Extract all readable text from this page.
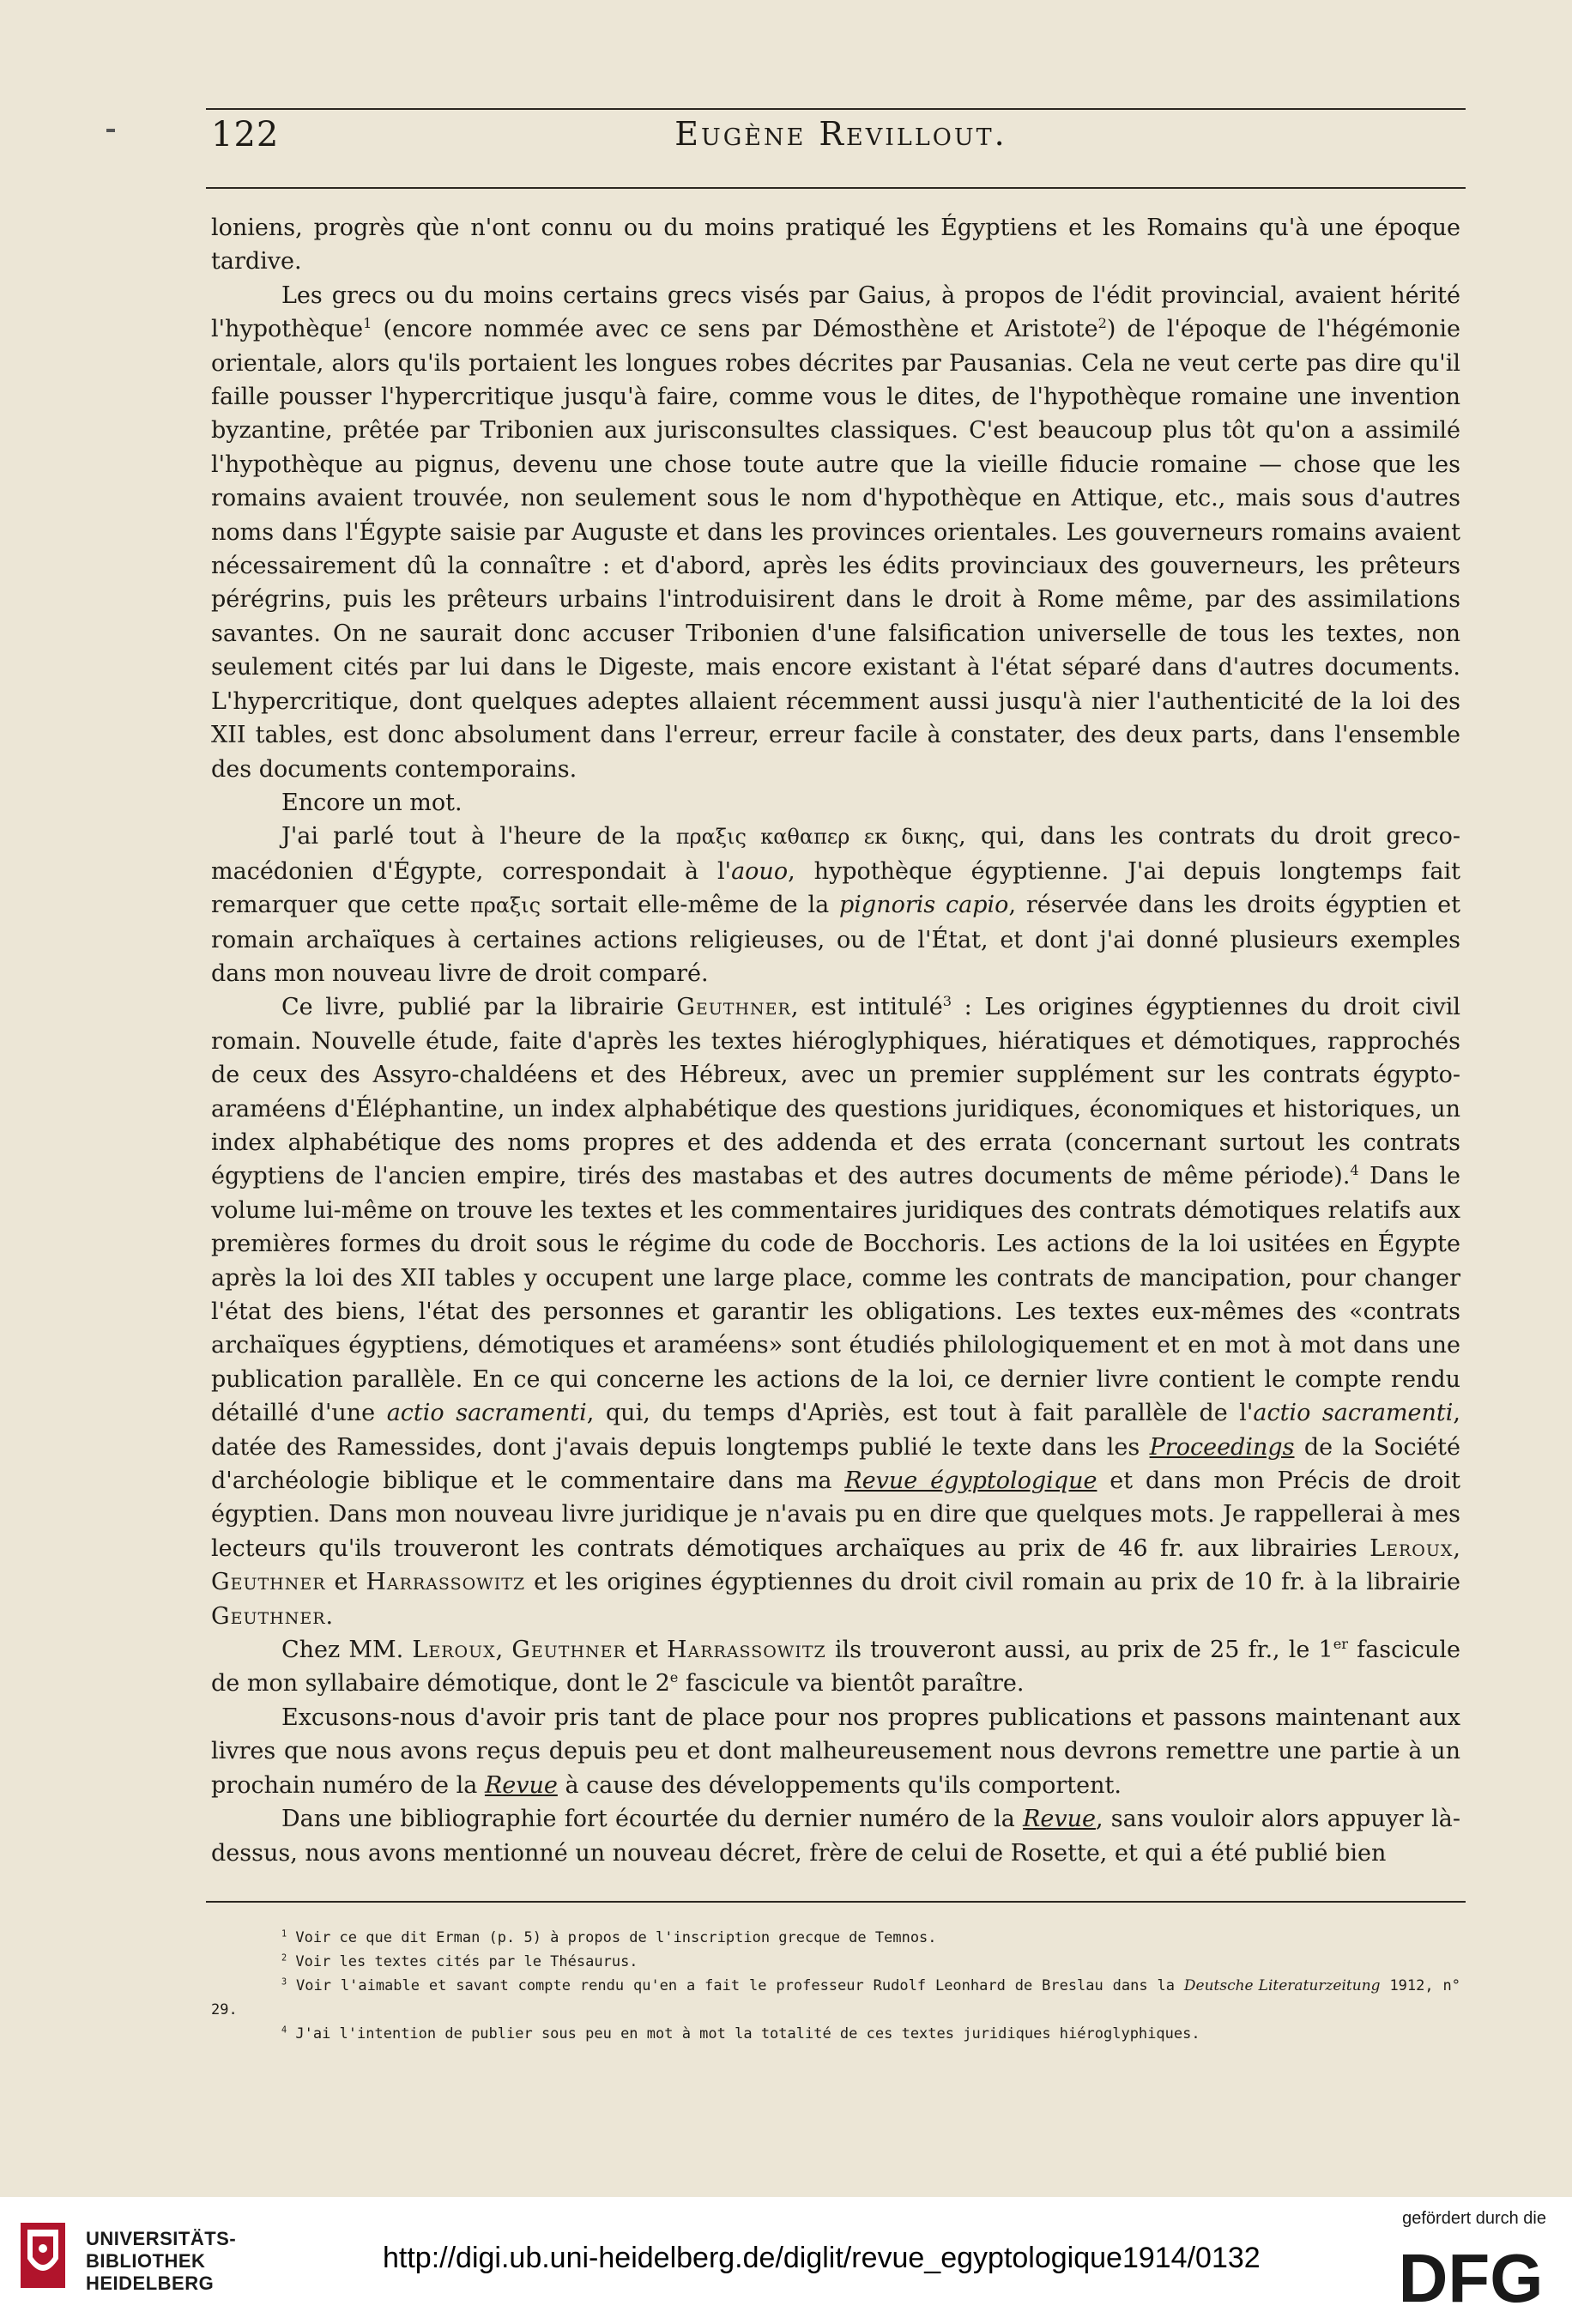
122	Eugène Revillout.

loniens, progrès qùe n'ont connu ou du moins pratiqué les Égyptiens et les Romains qu'à une époque tardive.

Les grecs ou du moins certains grecs visés par Gaius, à propos de l'édit provincial, avaient hérité l'hypothèque$^1$ (encore nommée avec ce sens par Démosthène et Aristote$^2$) de l'époque de l'hégémonie orientale, alors qu'ils portaient les longues robes décrites par Pausanias. Cela ne veut certe pas dire qu'il faille pousser l'hypercritique jusqu'à faire, comme vous le dites, de l'hypothèque romaine une invention byzantine, prêtée par Tribonien aux jurisconsultes classiques. C'est beaucoup plus tôt qu'on a assimilé l'hypothèque au pignus, devenu une chose toute autre que la vieille fiducie romaine — chose que les romains avaient trouvée, non seulement sous le nom d'hypothèque en Attique, etc., mais sous d'autres noms dans l'Égypte saisie par Auguste et dans les provinces orientales. Les gouverneurs romains avaient nécessairement dû la connaître : et d'abord, après les édits provinciaux des gouverneurs, les prêteurs pérégrins, puis les prêteurs urbains l'introduisirent dans le droit à Rome même, par des assimilations savantes. On ne saurait donc accuser Tribonien d'une falsification universelle de tous les textes, non seulement cités par lui dans le Digeste, mais encore existant à l'état séparé dans d'autres documents. L'hypercritique, dont quelques adeptes allaient récemment aussi jusqu'à nier l'authenticité de la loi des XII tables, est donc absolument dans l'erreur, erreur facile à constater, des deux parts, dans l'ensemble des documents contemporains.

Encore un mot.

J'ai parlé tout à l'heure de la πραξις καθαπερ εκ δικης, qui, dans les contrats du droit greco-macédonien d'Égypte, correspondait à l'aouo, hypothèque égyptienne. J'ai depuis longtemps fait remarquer que cette πραξις sortait elle-même de la pignoris capio, réservée dans les droits égyptien et romain archaïques à certaines actions religieuses, ou de l'État, et dont j'ai donné plusieurs exemples dans mon nouveau livre de droit comparé.

Ce livre, publié par la librairie Geuthner, est intitulé$^3$ : Les origines égyptiennes du droit civil romain. Nouvelle étude, faite d'après les textes hiéroglyphiques, hiératiques et démotiques, rapprochés de ceux des Assyro-chaldéens et des Hébreux, avec un premier supplément sur les contrats égypto-araméens d'Éléphantine, un index alphabétique des questions juridiques, économiques et historiques, un index alphabétique des noms propres et des addenda et des errata (concernant surtout les contrats égyptiens de l'ancien empire, tirés des mastabas et des autres documents de même période).$^4$ Dans le volume lui-même on trouve les textes et les commentaires juridiques des contrats démotiques relatifs aux premières formes du droit sous le régime du code de Bocchoris. Les actions de la loi usitées en Égypte après la loi des XII tables y occupent une large place, comme les contrats de mancipation, pour changer l'état des biens, l'état des personnes et garantir les obligations. Les textes eux-mêmes des «contrats archaïques égyptiens, démotiques et araméens» sont étudiés philologiquement et en mot à mot dans une publication parallèle. En ce qui concerne les actions de la loi, ce dernier livre contient le compte rendu détaillé d'une actio sacramenti, qui, du temps d'Apriès, est tout à fait parallèle de l'actio sacramenti, datée des Ramessides, dont j'avais depuis longtemps publié le texte dans les Proceedings de la Société d'archéologie biblique et le commentaire dans ma Revue égyptologique et dans mon Précis de droit égyptien. Dans mon nouveau livre juridique je n'avais pu en dire que quelques mots. Je rappellerai à mes lecteurs qu'ils trouveront les contrats démotiques archaïques au prix de 46 fr. aux librairies Leroux, Geuthner et Harrassowitz et les origines égyptiennes du droit civil romain au prix de 10 fr. à la librairie Geuthner.

Chez MM. Leroux, Geuthner et Harrassowitz ils trouveront aussi, au prix de 25 fr., le 1er fascicule de mon syllabaire démotique, dont le 2e fascicule va bientôt paraître.

Excusons-nous d'avoir pris tant de place pour nos propres publications et passons maintenant aux livres que nous avons reçus depuis peu et dont malheureusement nous devrons remettre une partie à un prochain numéro de la Revue à cause des développements qu'ils comportent.

Dans une bibliographie fort écourtée du dernier numéro de la Revue, sans vouloir alors appuyer là-dessus, nous avons mentionné un nouveau décret, frère de celui de Rosette, et qui a été publié bien

$^1$ Voir ce que dit Erman (p. 5) à propos de l'inscription grecque de Temnos.

$^2$ Voir les textes cités par le Thésaurus.

$^3$ Voir l'aimable et savant compte rendu qu'en a fait le professeur Rudolf Leonhard de Breslau dans la Deutsche Literaturzeitung 1912, n° 29.

$^4$ J'ai l'intention de publier sous peu en mot à mot la totalité de ces textes juridiques hiéroglyphiques.

UNIVERSITÄTS-
BIBLIOTHEK
HEIDELBERG
http://digi.ub.uni-heidelberg.de/diglit/revue_egyptologique1914/0132
gefördert durch die
DFG
